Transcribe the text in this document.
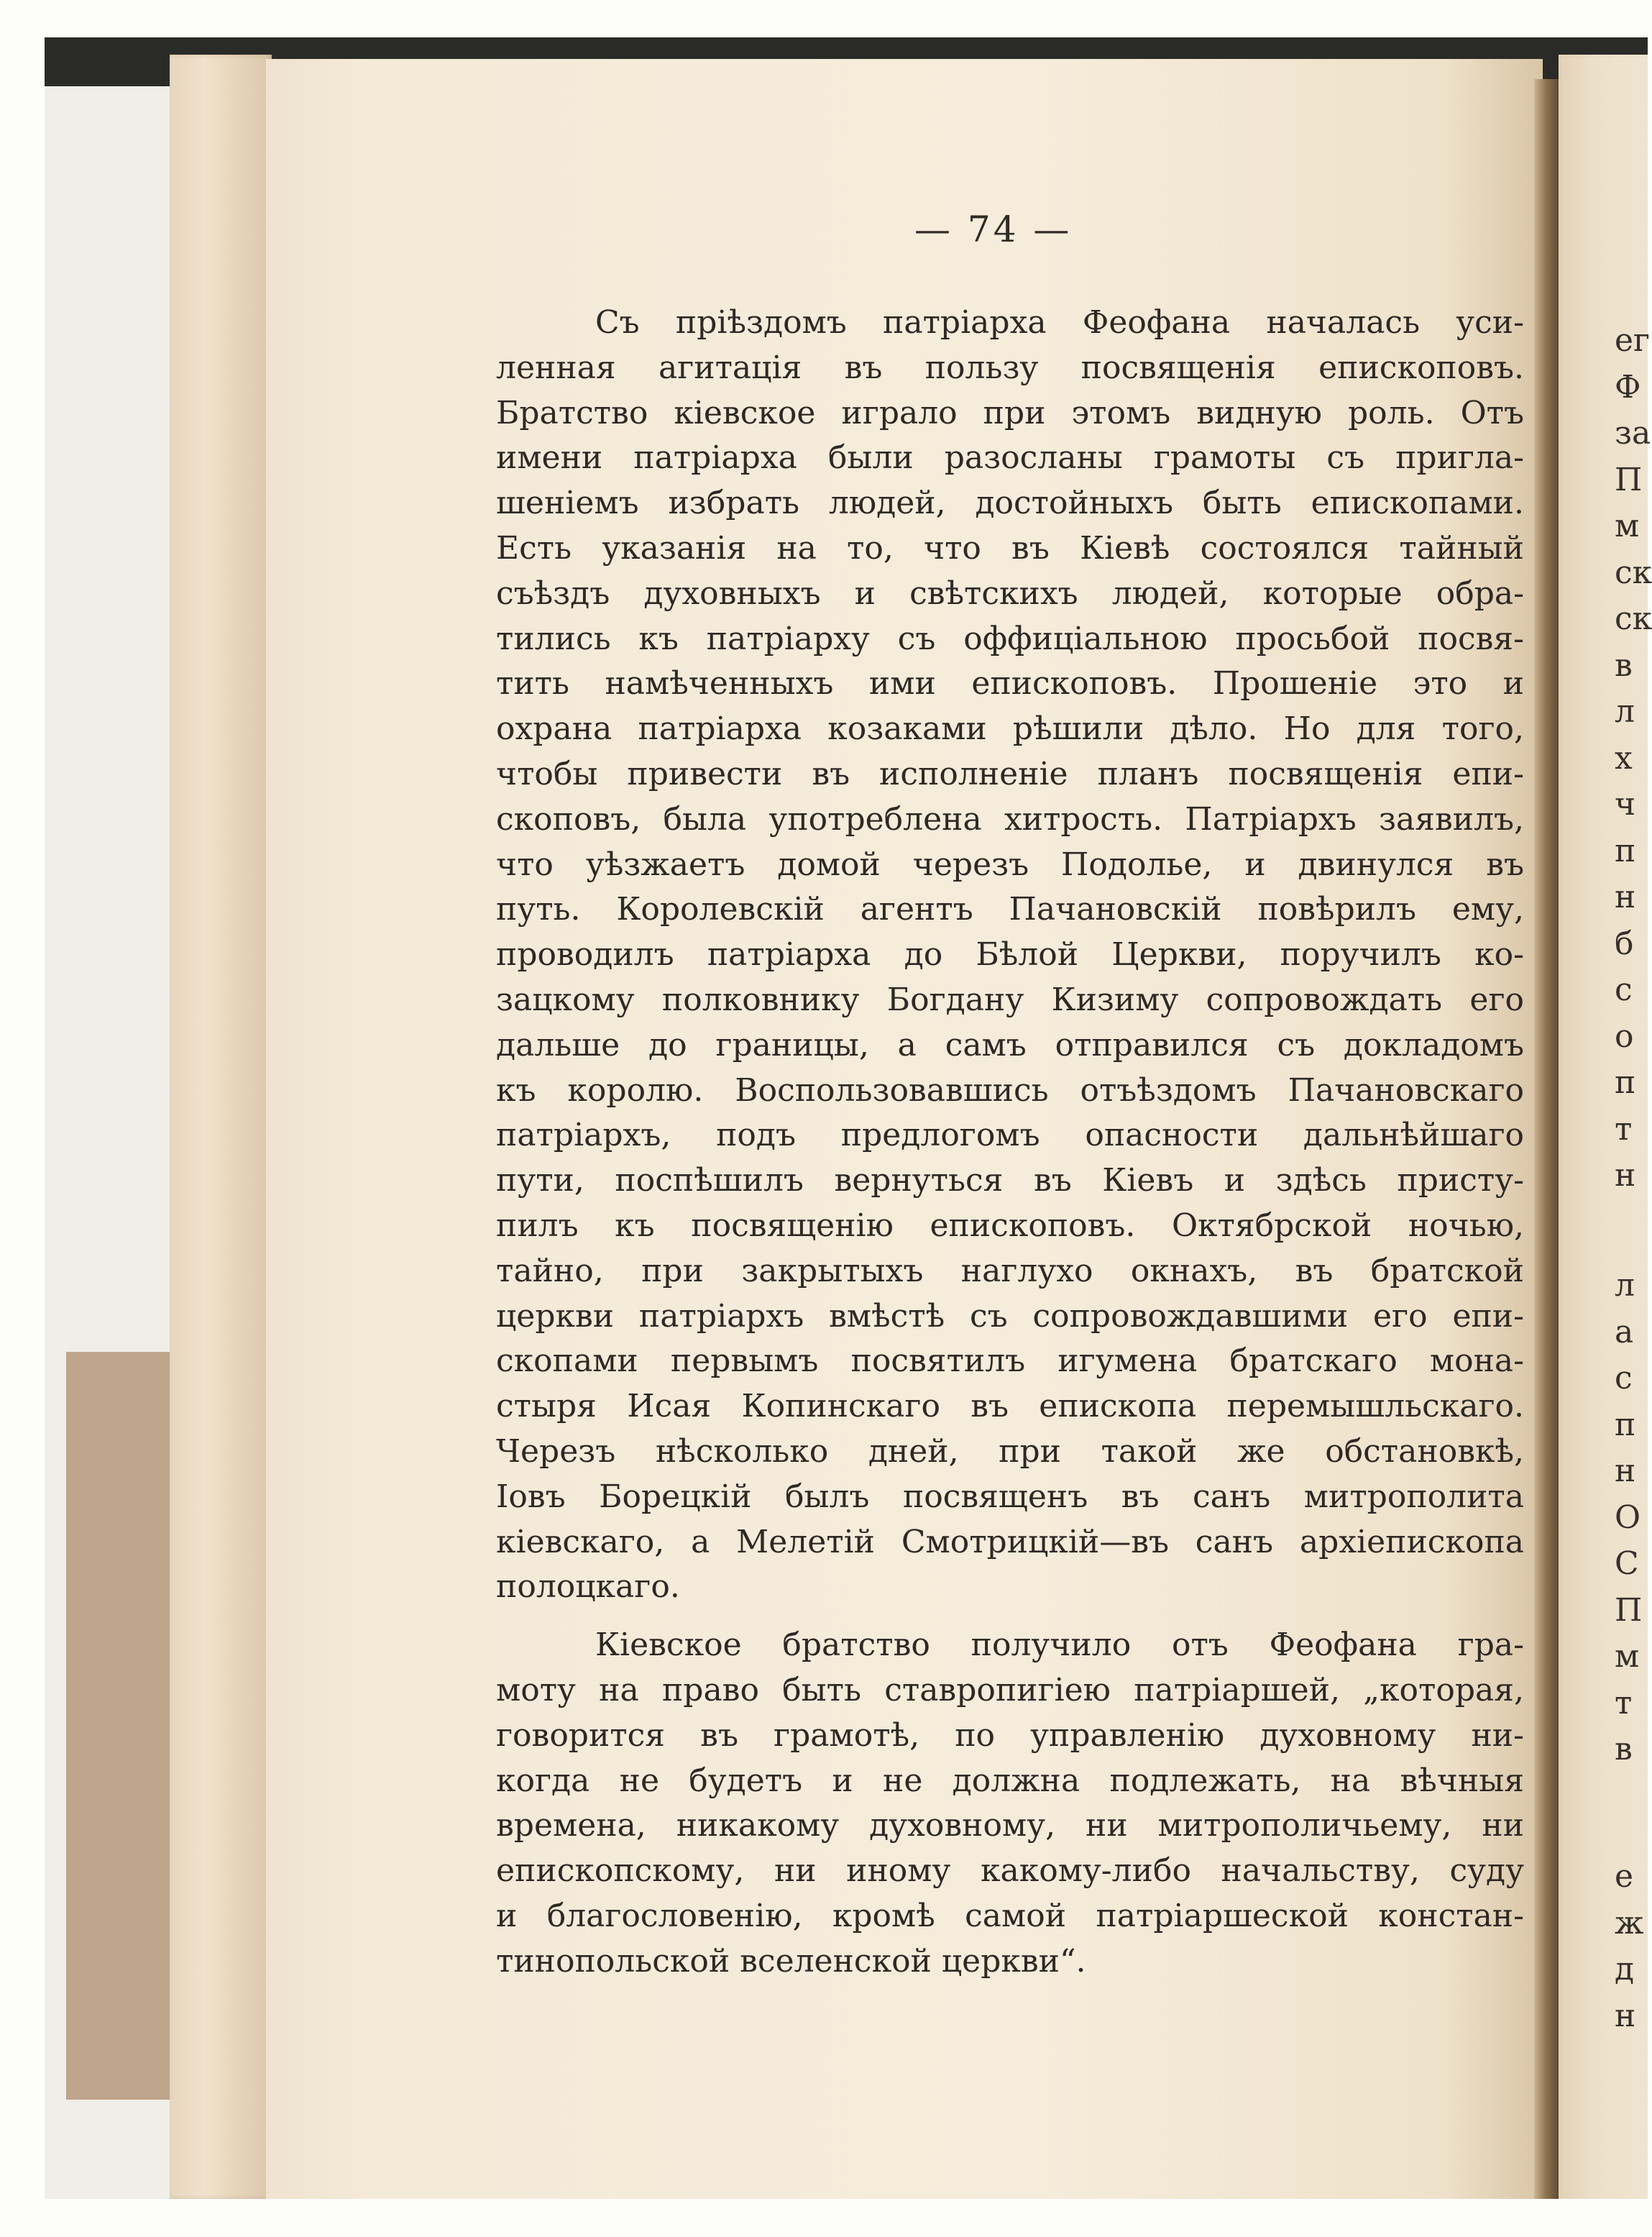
ег
Ф
за
П
м
ск
ск
в
л
х
ч
п
н
б
с
о
п
т
н
л
а
с
п
н
О
С
П
м
т
в
е
ж
д
н
— 74 —
Съ прiѣздомъ патрiарха Феофана началась уси-
ленная агитацiя въ пользу посвященiя епископовъ.
Братство кiевское играло при этомъ видную роль. Отъ
имени патрiарха были разосланы грамоты съ пригла-
шенiемъ избрать людей, достойныхъ быть епископами.
Есть указанiя на то, что въ Кiевѣ состоялся тайный
съѣздъ духовныхъ и свѣтскихъ людей, которые обра-
тились къ патрiарху съ оффицiальною просьбой посвя-
тить намѣченныхъ ими епископовъ. Прошенiе это и
охрана патрiарха козаками рѣшили дѣло. Но для того,
чтобы привести въ исполненiе планъ посвященiя епи-
скоповъ, была употреблена хитрость. Патрiархъ заявилъ,
что уѣзжаетъ домой черезъ Подолье, и двинулся въ
путь. Королевскiй агентъ Пачановскiй повѣрилъ ему,
проводилъ патрiарха до Бѣлой Церкви, поручилъ ко-
зацкому полковнику Богдану Кизиму сопровождать его
дальше до границы, а самъ отправился съ докладомъ
къ королю. Воспользовавшись отъѣздомъ Пачановскаго
патрiархъ, подъ предлогомъ опасности дальнѣйшаго
пути, поспѣшилъ вернуться въ Кiевъ и здѣсь присту-
пилъ къ посвященiю епископовъ. Октябрской ночью,
тайно, при закрытыхъ наглухо окнахъ, въ братской
церкви патрiархъ вмѣстѣ съ сопровождавшими его епи-
скопами первымъ посвятилъ игумена братскаго мона-
стыря Исая Копинскаго въ епископа перемышльскаго.
Черезъ нѣсколько дней, при такой же обстановкѣ,
Iовъ Борецкiй былъ посвященъ въ санъ митрополита
кiевскаго, а Мелетiй Смотрицкiй—въ санъ архiепископа
полоцкаго.
Кiевское братство получило отъ Феофана гра-
моту на право быть ставропигiею патрiаршей, „которая,
говорится въ грамотѣ, по управленiю духовному ни-
когда не будетъ и не должна подлежать, на вѣчныя
времена, никакому духовному, ни митрополичьему, ни
епископскому, ни иному какому-либо начальству, суду
и благословенiю, кромѣ самой патрiаршеской констан-
тинопольской вселенской церкви“.
